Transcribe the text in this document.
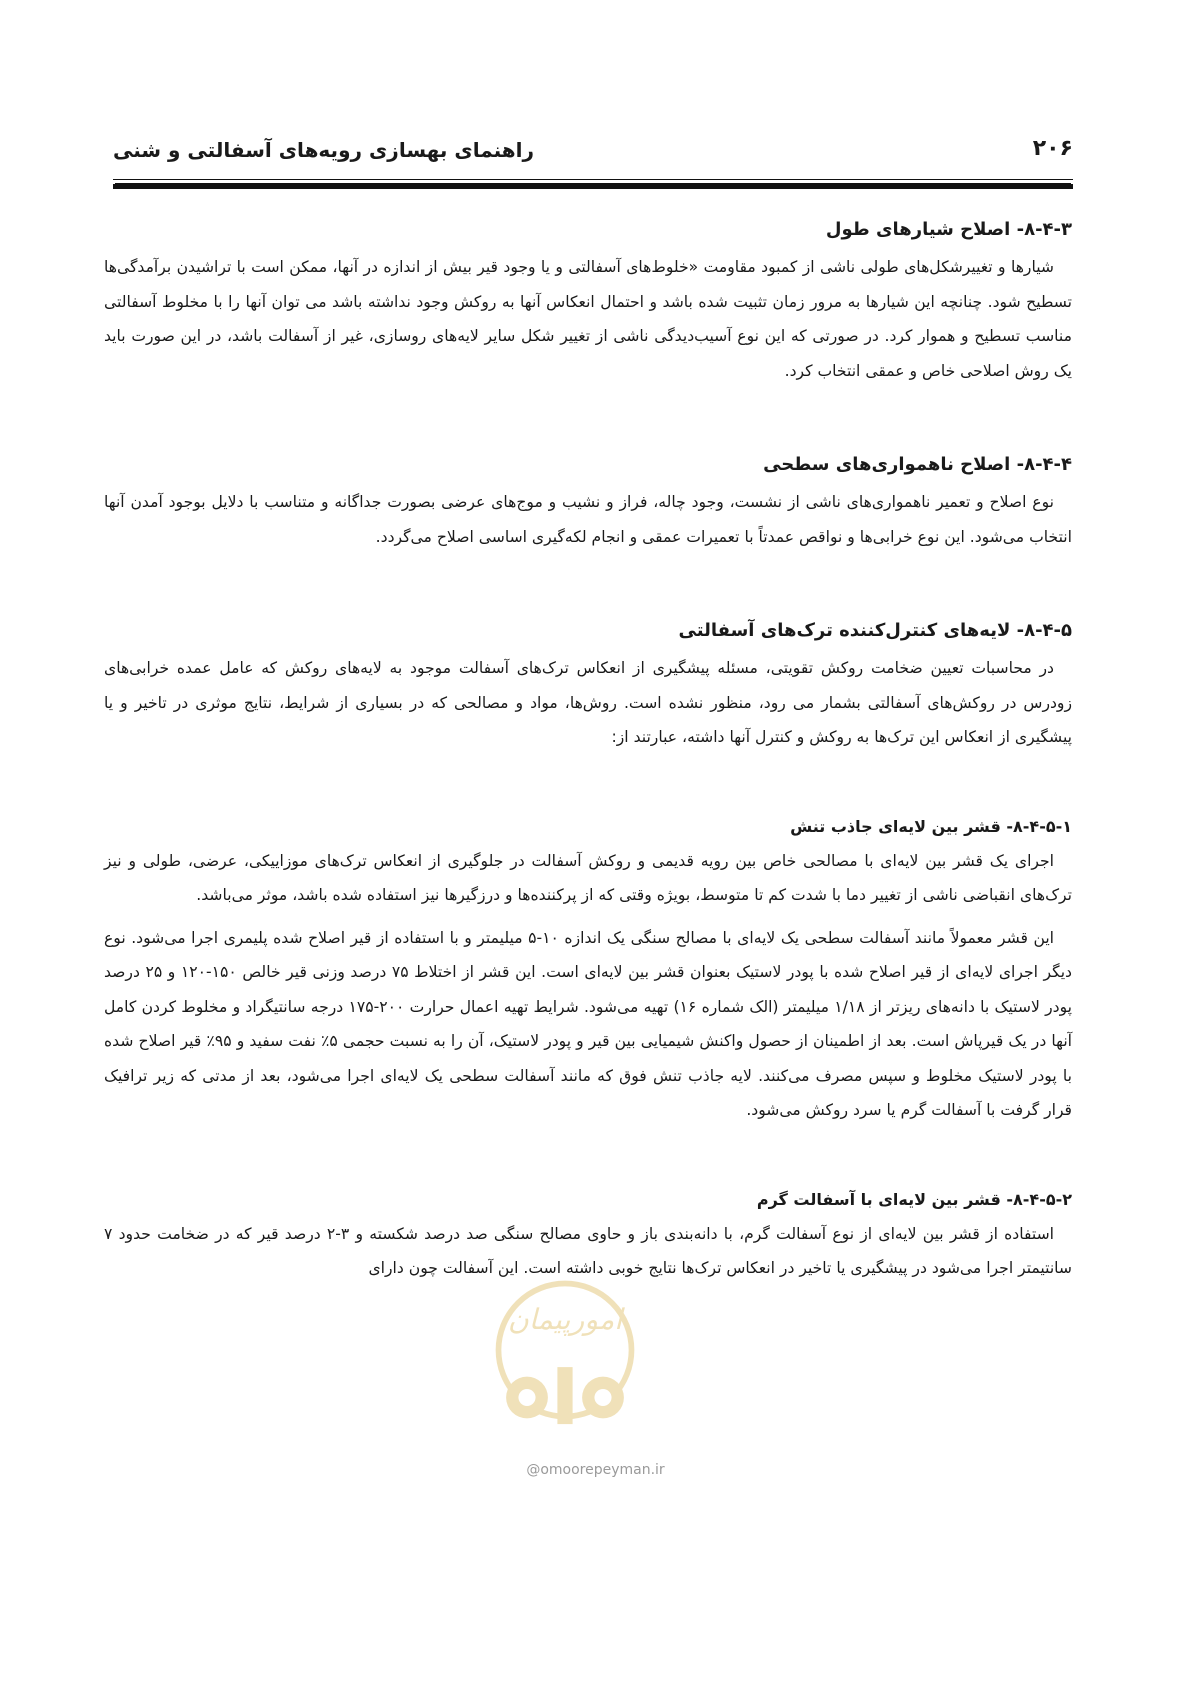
۲۰۶
راهنمای بهسازی رویه‌های آسفالتی و شنی
۸-۴-۳- اصلاح شیارهای طول

شیارها و تغییرشکل‌های طولی ناشی از کمبود مقاومت «خلوط‌های آسفالتی و یا وجود قیر بیش از اندازه در آنها، ممکن است با تراشیدن برآمدگی‌ها تسطیح شود. چنانچه این شیارها به مرور زمان تثبیت شده باشد و احتمال انعکاس آنها به روکش وجود نداشته باشد می توان آنها را با مخلوط آسفالتی مناسب تسطیح و هموار کرد. در صورتی که این نوع آسیب‌دیدگی ناشی از تغییر شکل سایر لایه‌های روسازی، غیر از آسفالت باشد، در این صورت باید یک روش اصلاحی خاص و عمقی انتخاب کرد.

۸-۴-۴- اصلاح ناهمواری‌های سطحی

نوع اصلاح و تعمیر ناهمواری‌های ناشی از نشست، وجود چاله، فراز و نشیب و موج‌های عرضی بصورت جداگانه و متناسب با دلایل بوجود آمدن آنها انتخاب می‌شود. این نوع خرابی‌ها و نواقص عمدتاً با تعمیرات عمقی و انجام لکه‌گیری اساسی اصلاح می‌گردد.

۸-۴-۵- لایه‌های کنترل‌کننده ترک‌های آسفالتی

در محاسبات تعیین ضخامت روکش تقویتی، مسئله پیشگیری از انعکاس ترک‌های آسفالت موجود به لایه‌های روکش که عامل عمده خرابی‌های زودرس در روکش‌های آسفالتی بشمار می رود، منظور نشده است. روش‌ها، مواد و مصالحی که در بسیاری از شرایط، نتایج موثری در تاخیر و یا پیشگیری از انعکاس این ترک‌ها به روکش و کنترل آنها داشته، عبارتند از:

۸-۴-۵-۱- قشر بین لایه‌ای جاذب تنش

اجرای یک قشر بین لایه‌ای با مصالحی خاص بین رویه قدیمی و روکش آسفالت در جلوگیری از انعکاس ترک‌های موزاییکی، عرضی، طولی و نیز ترک‌های انقباضی ناشی از تغییر دما با شدت کم تا متوسط، بویژه وقتی که از پرکننده‌ها و درزگیرها نیز استفاده شده باشد، موثر می‌باشد.

این قشر معمولاً مانند آسفالت سطحی یک لایه‌ای با مصالح سنگی یک اندازه ۱۰-۵ میلیمتر و با استفاده از قیر اصلاح شده پلیمری اجرا می‌شود. نوع دیگر اجرای لایه‌ای از قیر اصلاح شده با پودر لاستیک بعنوان قشر بین لایه‌ای است. این قشر از اختلاط ۷۵ درصد وزنی قیر خالص ۱۵۰-۱۲۰ و ۲۵ درصد پودر لاستیک با دانه‌های ریزتر از ۱/۱۸ میلیمتر (الک شماره ۱۶) تهیه می‌شود. شرایط تهیه اعمال حرارت ۲۰۰-۱۷۵ درجه سانتیگراد و مخلوط کردن کامل آنها در یک قیرپاش است. بعد از اطمینان از حصول واکنش شیمیایی بین قیر و پودر لاستیک، آن را به نسبت حجمی ۵٪ نفت سفید و ۹۵٪ قیر اصلاح شده با پودر لاستیک مخلوط و سپس مصرف می‌کنند. لایه جاذب تنش فوق که مانند آسفالت سطحی یک لایه‌ای اجرا می‌شود، بعد از مدتی که زیر ترافیک قرار گرفت با آسفالت گرم یا سرد روکش می‌شود.

۸-۴-۵-۲- قشر بین لایه‌ای با آسفالت گرم

استفاده از قشر بین لایه‌ای از نوع آسفالت گرم، با دانه‌بندی باز و حاوی مصالح سنگی صد درصد شکسته و ۳-۲ درصد قیر که در ضخامت حدود ۷ سانتیمتر اجرا می‌شود در پیشگیری یا تاخیر در انعکاس ترک‌ها نتایج خوبی داشته است. این آسفالت چون دارای

امورپیمان
@omoorepeyman.ir
